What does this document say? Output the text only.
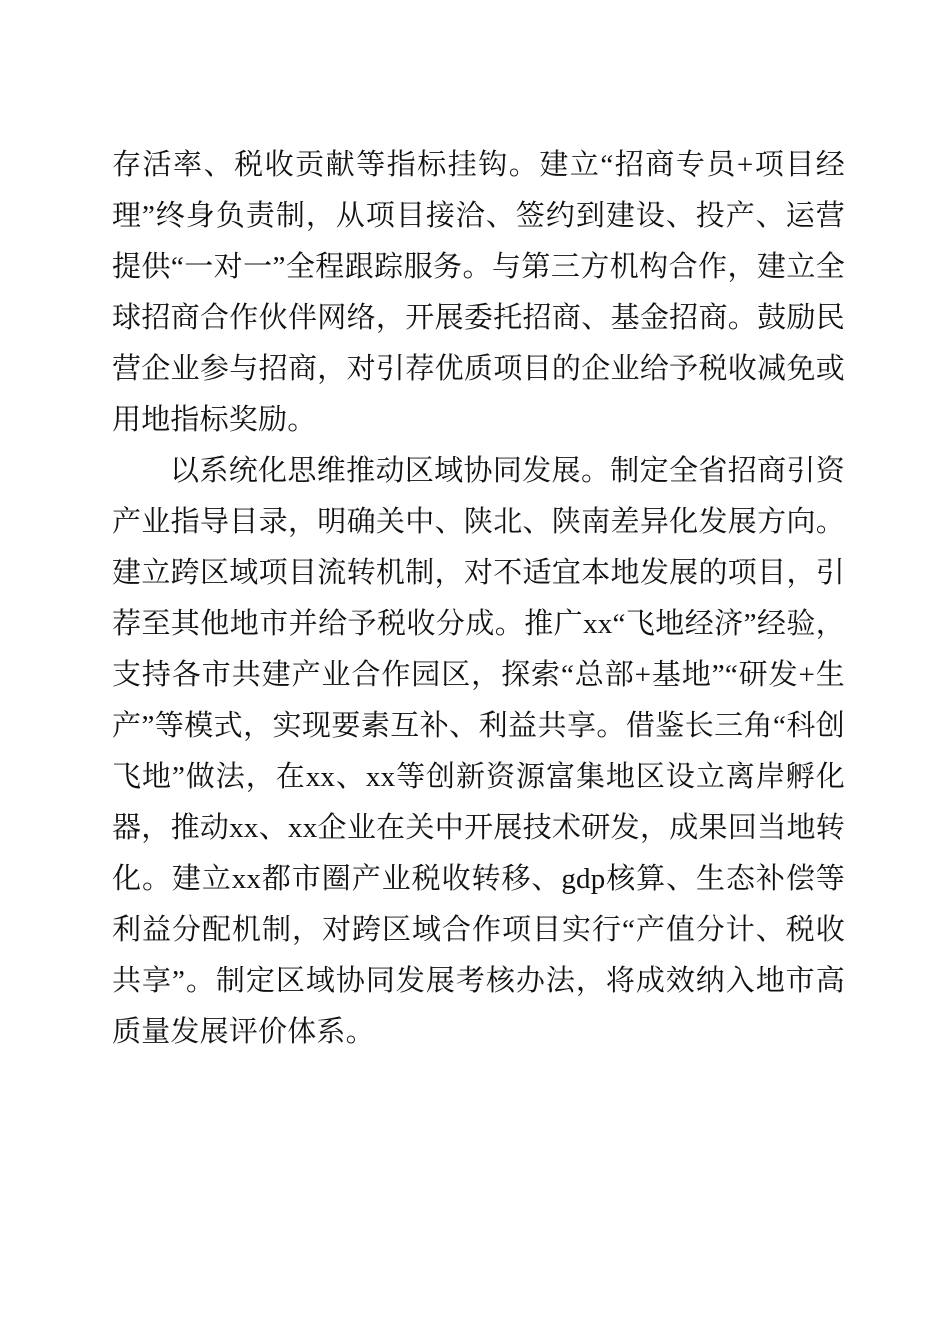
存活率、税收贡献等指标挂钩。建立“招商专员+项目经理”终身负责制，从项目接洽、签约到建设、投产、运营提供“一对一”全程跟踪服务。与第三方机构合作，建立全球招商合作伙伴网络，开展委托招商、基金招商。鼓励民营企业参与招商，对引荐优质项目的企业给予税收减免或用地指标奖励。

以系统化思维推动区域协同发展。制定全省招商引资产业指导目录，明确关中、陕北、陕南差异化发展方向。建立跨区域项目流转机制，对不适宜本地发展的项目，引荐至其他地市并给予税收分成。推广xx“飞地经济”经验，支持各市共建产业合作园区，探索“总部+基地”“研发+生产”等模式，实现要素互补、利益共享。借鉴长三角“科创飞地”做法，在xx、xx等创新资源富集地区设立离岸孵化器，推动xx、xx企业在关中开展技术研发，成果回当地转化。建立xx都市圈产业税收转移、gdp核算、生态补偿等利益分配机制，对跨区域合作项目实行“产值分计、税收共享”。制定区域协同发展考核办法，将成效纳入地市高质量发展评价体系。
